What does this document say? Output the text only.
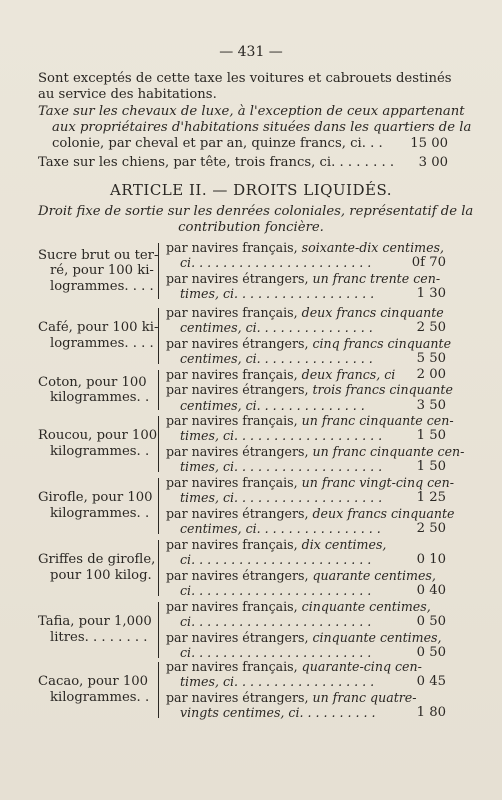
— 431 —
Sont exceptés de cette taxe les voitures et cabrouets destinés
au service des habitations.
Taxe sur les chevaux de luxe, à l'exception de ceux appartenant
aux propriétaires d'habitations situées dans les quartiers de la
colonie, par cheval et par an, quinze francs, ci. . . 15 00
Taxe sur les chiens, par tête, trois francs, ci. . . . . . . . 3 00
ARTICLE II. — DROITS LIQUIDÉS.
Droit fixe de sortie sur les denrées coloniales, représentatif de la
contribution foncière.
Sucre brut ou ter-
ré, pour 100 ki-
logrammes. . . .
par navires français, soixante-dix centimes,
ci. . . . . . . . . . . . . . . . . . . . . . .	0f 70
par navires étrangers, un franc trente cen-
times, ci. . . . . . . . . . . . . . . . . .	1 30
Café, pour 100 ki-
logrammes. . . .
par navires français, deux francs cinquante
centimes, ci. . . . . . . . . . . . . . .	2 50
par navires étrangers, cinq francs cinquante
centimes, ci. . . . . . . . . . . . . . .	5 50
Coton, pour 100
kilogrammes. .
par navires français, deux francs, ci 2 00
par navires étrangers, trois francs cinquante
centimes, ci. . . . . . . . . . . . . .	3 50
Roucou, pour 100
kilogrammes. .
par navires français, un franc cinquante cen-
times, ci. . . . . . . . . . . . . . . . . . .	1 50
par navires étrangers, un franc cinquante cen-
times, ci. . . . . . . . . . . . . . . . . . .	1 50
Girofle, pour 100
kilogrammes. .
par navires français, un franc vingt-cinq cen-
times, ci. . . . . . . . . . . . . . . . . . .	1 25
par navires étrangers, deux francs cinquante
centimes, ci. . . . . . . . . . . . . . . .	2 50
Griffes de girofle,
pour 100 kilog.
par navires français, dix centimes,
ci. . . . . . . . . . . . . . . . . . . . . . .	0 10
par navires étrangers, quarante centimes,
ci. . . . . . . . . . . . . . . . . . . . . . .	0 40
Tafia, pour 1,000
litres. . . . . . . .
par navires français, cinquante centimes,
ci. . . . . . . . . . . . . . . . . . . . . . .	0 50
par navires étrangers, cinquante centimes,
ci. . . . . . . . . . . . . . . . . . . . . . .	0 50
Cacao, pour 100
kilogrammes. .
par navires français, quarante-cinq cen-
times, ci. . . . . . . . . . . . . . . . . .	0 45
par navires étrangers, un franc quatre-
vingts centimes, ci. . . . . . . . . .	1 80
